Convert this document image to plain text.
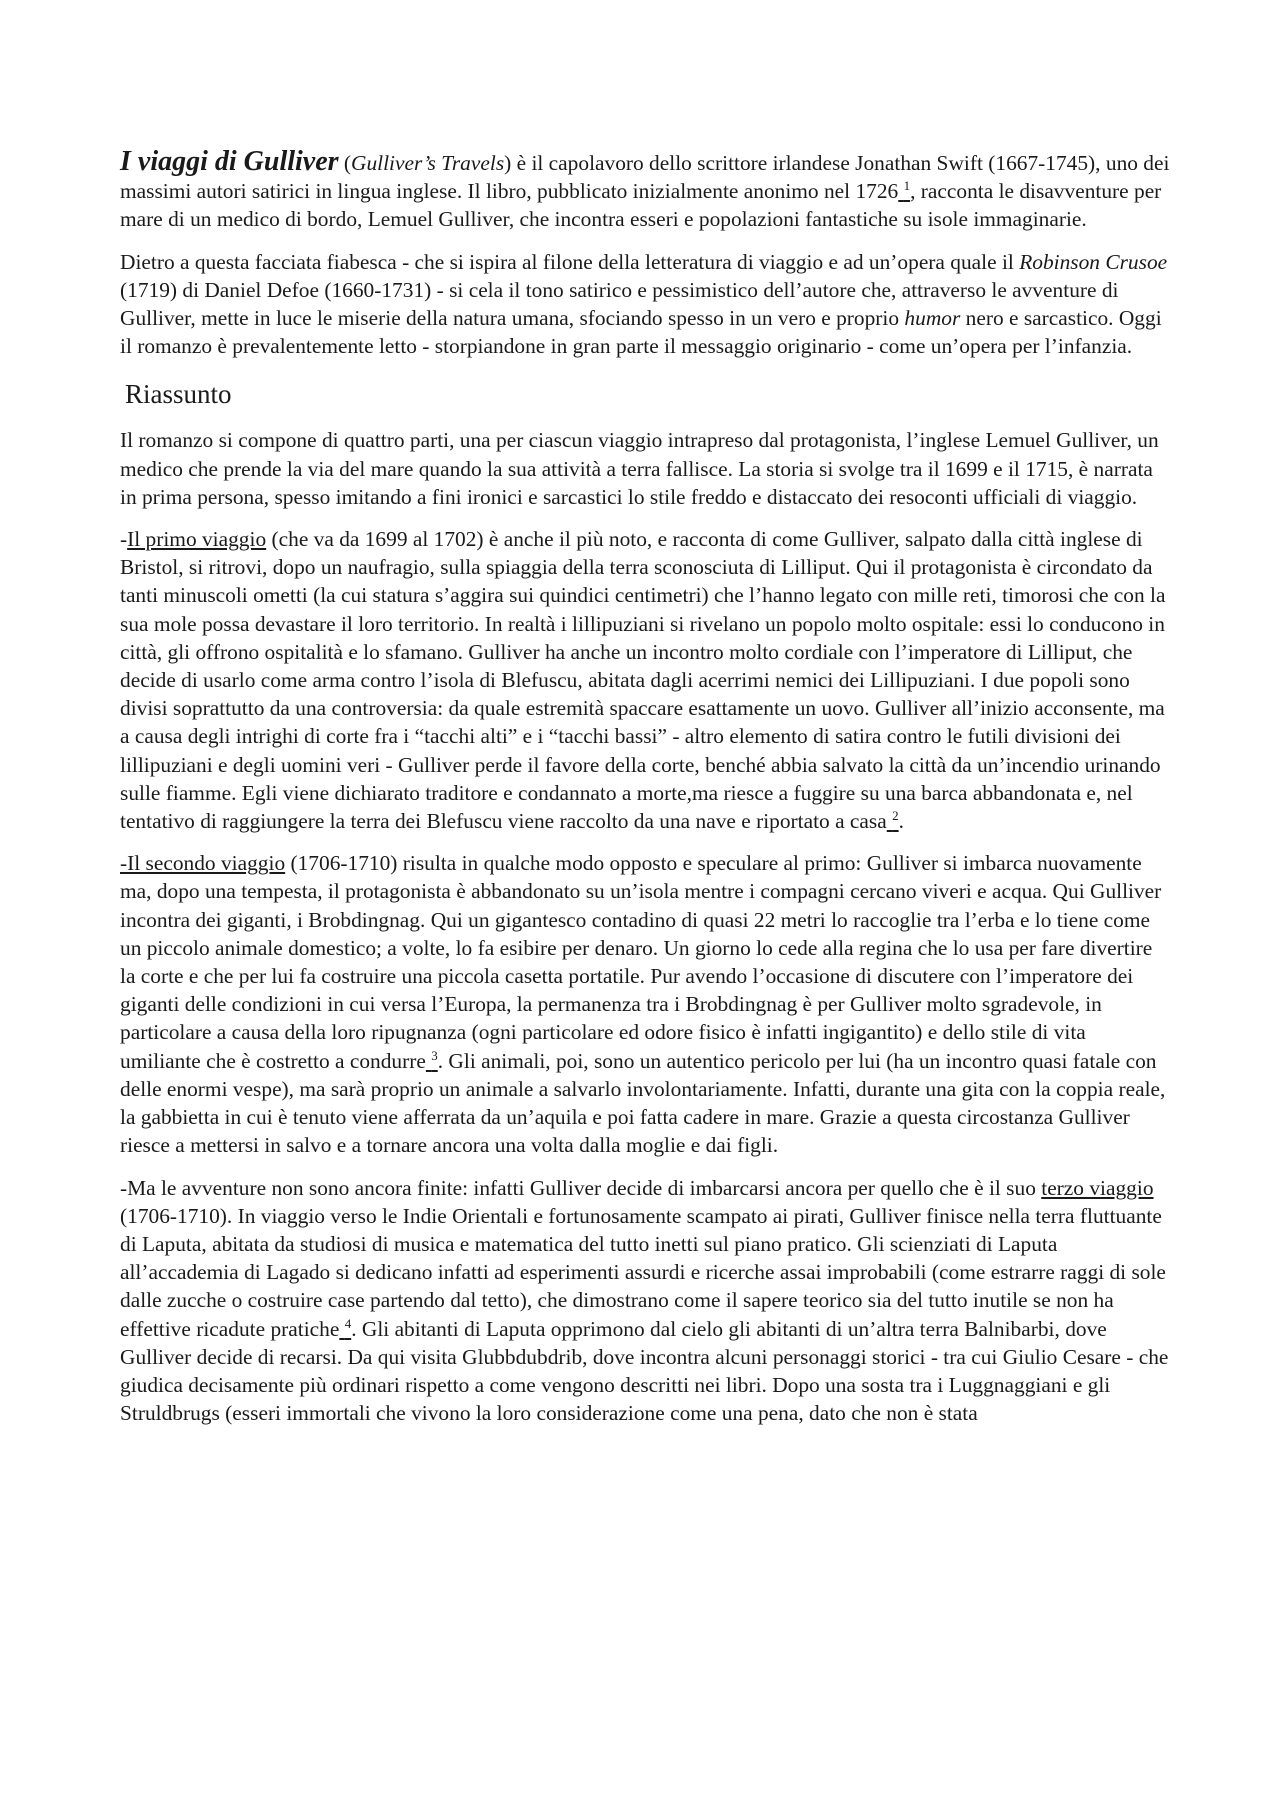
I viaggi di Gulliver (Gulliver’s Travels) è il capolavoro dello scrittore irlandese Jonathan Swift (1667-1745), uno dei massimi autori satirici in lingua inglese. Il libro, pubblicato inizialmente anonimo nel 1726 $^1$, racconta le disavventure per mare di un medico di bordo, Lemuel Gulliver, che incontra esseri e popolazioni fantastiche su isole immaginarie.

Dietro a questa facciata fiabesca - che si ispira al filone della letteratura di viaggio e ad un’opera quale il Robinson Crusoe (1719) di Daniel Defoe (1660-1731) - si cela il tono satirico e pessimistico dell’autore che, attraverso le avventure di Gulliver, mette in luce le miserie della natura umana, sfociando spesso in un vero e proprio humor nero e sarcastico. Oggi il romanzo è prevalentemente letto - storpiandone in gran parte il messaggio originario - come un’opera per l’infanzia.

Riassunto

Il romanzo si compone di quattro parti, una per ciascun viaggio intrapreso dal protagonista, l’inglese Lemuel Gulliver, un medico che prende la via del mare quando la sua attività a terra fallisce. La storia si svolge tra il 1699 e il 1715, è narrata in prima persona, spesso imitando a fini ironici e sarcastici lo stile freddo e distaccato dei resoconti ufficiali di viaggio.

-Il primo viaggio (che va da 1699 al 1702) è anche il più noto, e racconta di come Gulliver, salpato dalla città inglese di Bristol, si ritrovi, dopo un naufragio, sulla spiaggia della terra sconosciuta di Lilliput. Qui il protagonista è circondato da tanti minuscoli ometti (la cui statura s’aggira sui quindici centimetri) che l’hanno legato con mille reti, timorosi che con la sua mole possa devastare il loro territorio. In realtà i lillipuziani si rivelano un popolo molto ospitale: essi lo conducono in città, gli offrono ospitalità e lo sfamano. Gulliver ha anche un incontro molto cordiale con l’imperatore di Lilliput, che decide di usarlo come arma contro l’isola di Blefuscu, abitata dagli acerrimi nemici dei Lillipuziani. I due popoli sono divisi soprattutto da una controversia: da quale estremità spaccare esattamente un uovo. Gulliver all’inizio acconsente, ma a causa degli intrighi di corte fra i “tacchi alti” e i “tacchi bassi” - altro elemento di satira contro le futili divisioni dei lillipuziani e degli uomini veri - Gulliver perde il favore della corte, benché abbia salvato la città da un’incendio urinando sulle fiamme. Egli viene dichiarato traditore e condannato a morte,ma riesce a fuggire su una barca abbandonata e, nel tentativo di raggiungere la terra dei Blefuscu viene raccolto da una nave e riportato a casa $^2$.

-Il secondo viaggio (1706-1710) risulta in qualche modo opposto e speculare al primo: Gulliver si imbarca nuovamente ma, dopo una tempesta, il protagonista è abbandonato su un’isola mentre i compagni cercano viveri e acqua. Qui Gulliver incontra dei giganti, i Brobdingnag. Qui un gigantesco contadino di quasi 22 metri lo raccoglie tra l’erba e lo tiene come un piccolo animale domestico; a volte, lo fa esibire per denaro. Un giorno lo cede alla regina che lo usa per fare divertire la corte e che per lui fa costruire una piccola casetta portatile. Pur avendo l’occasione di discutere con l’imperatore dei giganti delle condizioni in cui versa l’Europa, la permanenza tra i Brobdingnag è per Gulliver molto sgradevole, in particolare a causa della loro ripugnanza (ogni particolare ed odore fisico è infatti ingigantito) e dello stile di vita umiliante che è costretto a condurre $^3$. Gli animali, poi, sono un autentico pericolo per lui (ha un incontro quasi fatale con delle enormi vespe), ma sarà proprio un animale a salvarlo involontariamente. Infatti, durante una gita con la coppia reale, la gabbietta in cui è tenuto viene afferrata da un’aquila e poi fatta cadere in mare. Grazie a questa circostanza Gulliver riesce a mettersi in salvo e a tornare ancora una volta dalla moglie e dai figli.

-Ma le avventure non sono ancora finite: infatti Gulliver decide di imbarcarsi ancora per quello che è il suo terzo viaggio (1706-1710). In viaggio verso le Indie Orientali e fortunosamente scampato ai pirati, Gulliver finisce nella terra fluttuante di Laputa, abitata da studiosi di musica e matematica del tutto inetti sul piano pratico. Gli scienziati di Laputa all’accademia di Lagado si dedicano infatti ad esperimenti assurdi e ricerche assai improbabili (come estrarre raggi di sole dalle zucche o costruire case partendo dal tetto), che dimostrano come il sapere teorico sia del tutto inutile se non ha effettive ricadute pratiche $^4$. Gli abitanti di Laputa opprimono dal cielo gli abitanti di un’altra terra Balnibarbi, dove Gulliver decide di recarsi. Da qui visita Glubbdubdrib, dove incontra alcuni personaggi storici - tra cui Giulio Cesare - che giudica decisamente più ordinari rispetto a come vengono descritti nei libri. Dopo una sosta tra i Luggnaggiani e gli Struldbrugs (esseri immortali che vivono la loro considerazione come una pena, dato che non è stata
